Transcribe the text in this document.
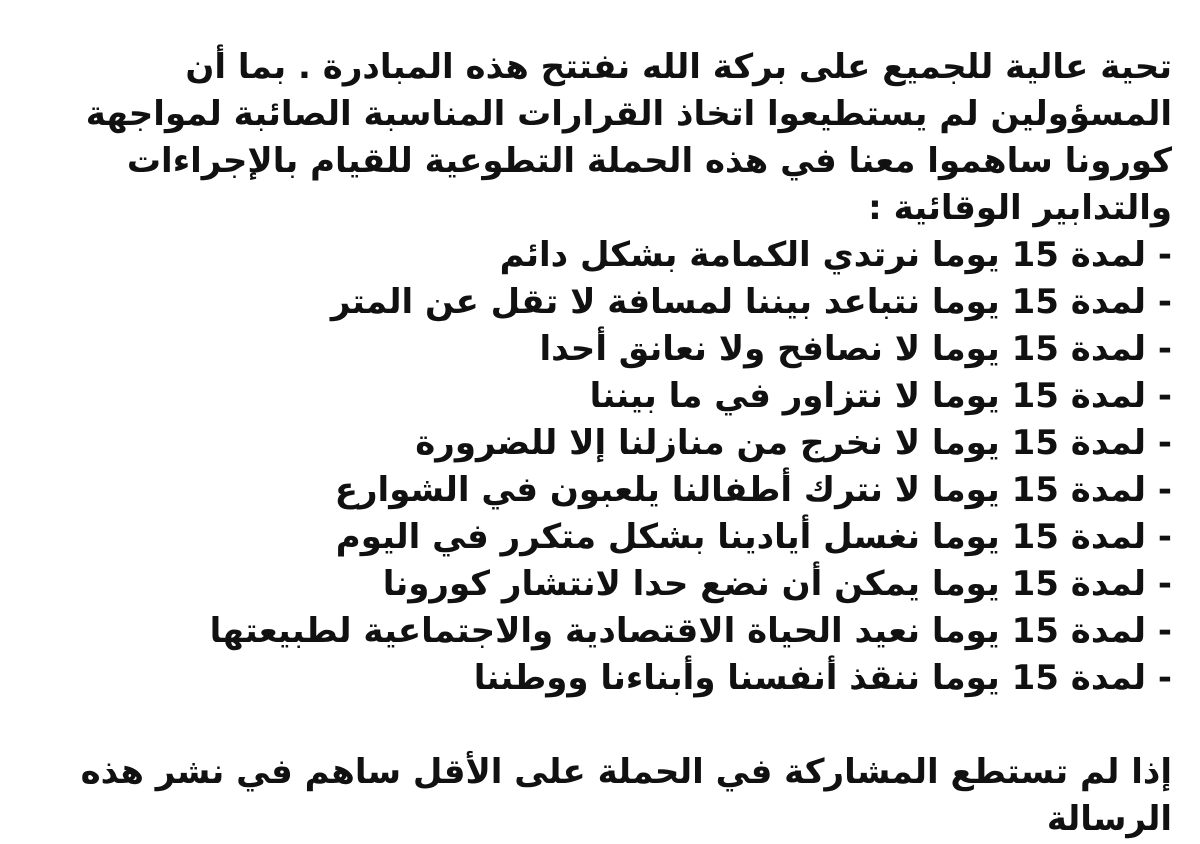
تحية عالية للجميع على بركة الله نفتتح هذه المبادرة . بما أن
المسؤولين لم يستطيعوا اتخاذ القرارات المناسبة الصائبة لمواجهة
كورونا ساهموا معنا في هذه الحملة التطوعية للقيام بالإجراءات
والتدابير الوقائية :
- لمدة 15 يوما نرتدي الكمامة بشكل دائم
- لمدة 15 يوما نتباعد بيننا لمسافة لا تقل عن المتر
- لمدة 15 يوما لا نصافح ولا نعانق أحدا
- لمدة 15 يوما لا نتزاور في ما بيننا
- لمدة 15 يوما لا نخرج من منازلنا إلا للضرورة
- لمدة 15 يوما لا نترك أطفالنا يلعبون في الشوارع
- لمدة 15 يوما نغسل أيادينا بشكل متكرر في اليوم
- لمدة 15 يوما يمكن أن نضع حدا لانتشار كورونا
- لمدة 15 يوما نعيد الحياة الاقتصادية والاجتماعية لطبيعتها
- لمدة 15 يوما ننقذ أنفسنا وأبناءنا ووطننا
إذا لم تستطع المشاركة في الحملة على الأقل ساهم في نشر هذه
الرسالة
